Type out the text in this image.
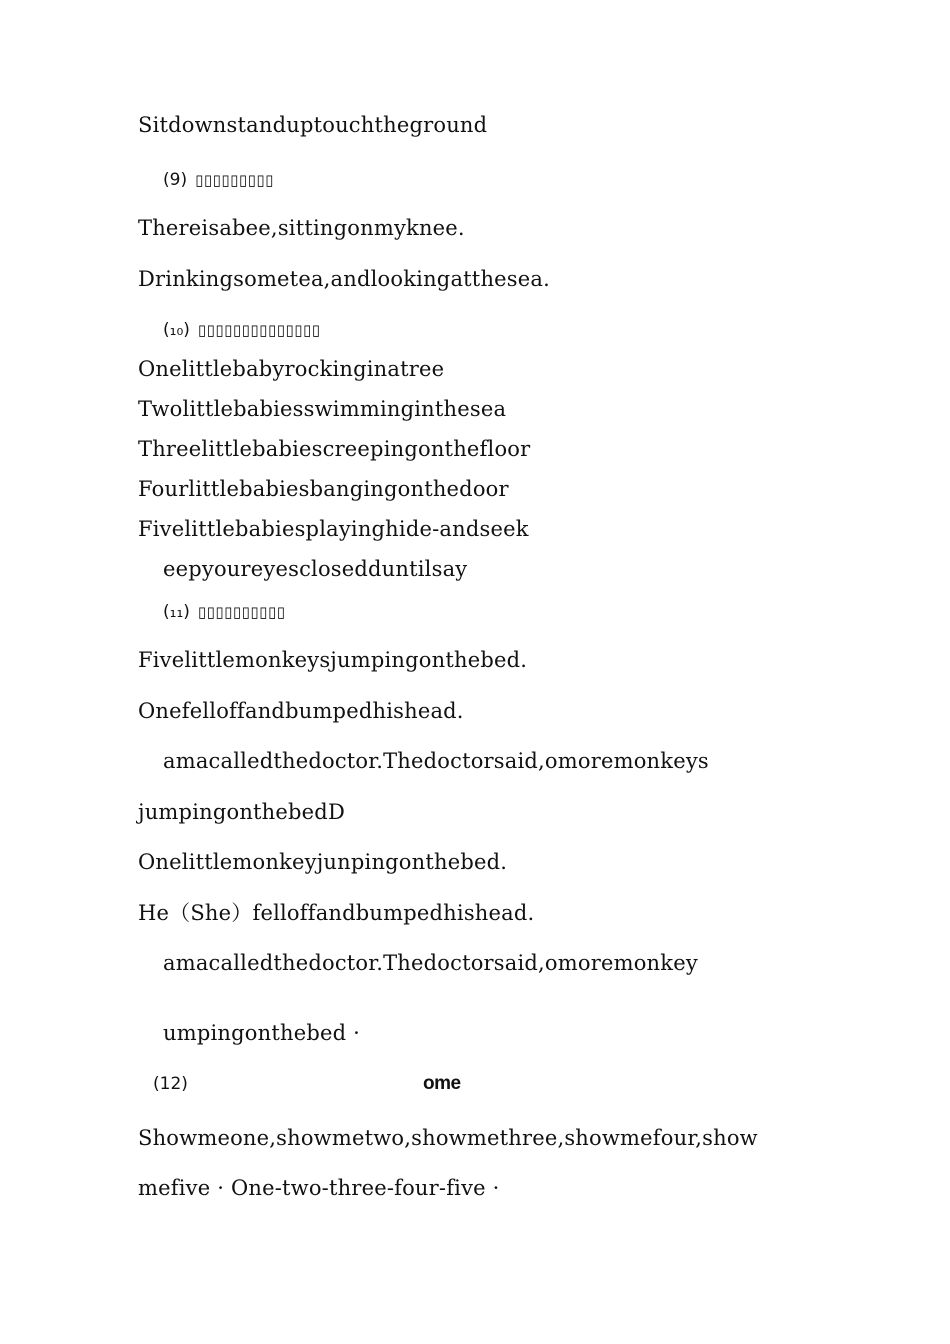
Sitdownstanduptouchtheground
(9) ▯▯▯▯▯▯▯▯▯
Thereisabee,sittingonmyknee.
Drinkingsometea,andlookingatthesea.
(₁₀) ▯▯▯▯▯▯▯▯▯▯▯▯▯▯
Onelittlebabyrockinginatree
Twolittlebabiesswimminginthesea
Threelittlebabiescreepingonthefloor
Fourlittlebabiesbangingonthedoor
Fivelittlebabiesplayinghide-andseek
eepyoureyesclosedduntilsay
(₁₁) ▯▯▯▯▯▯▯▯▯▯
Fivelittlemonkeysjumpingonthebed.
Onefelloffandbumpedhishead.
amacalledthedoctor.Thedoctorsaid,omoremonkeys
jumpingonthebedD
Onelittlemonkeyjunpingonthebed.
He（She）felloffandbumpedhishead.
amacalledthedoctor.Thedoctorsaid,omoremonkey
umpingonthebed ·
(12)	ome
Showmeone,showmetwo,showmethree,showmefour,show
mefive · One-two-three-four-five ·
